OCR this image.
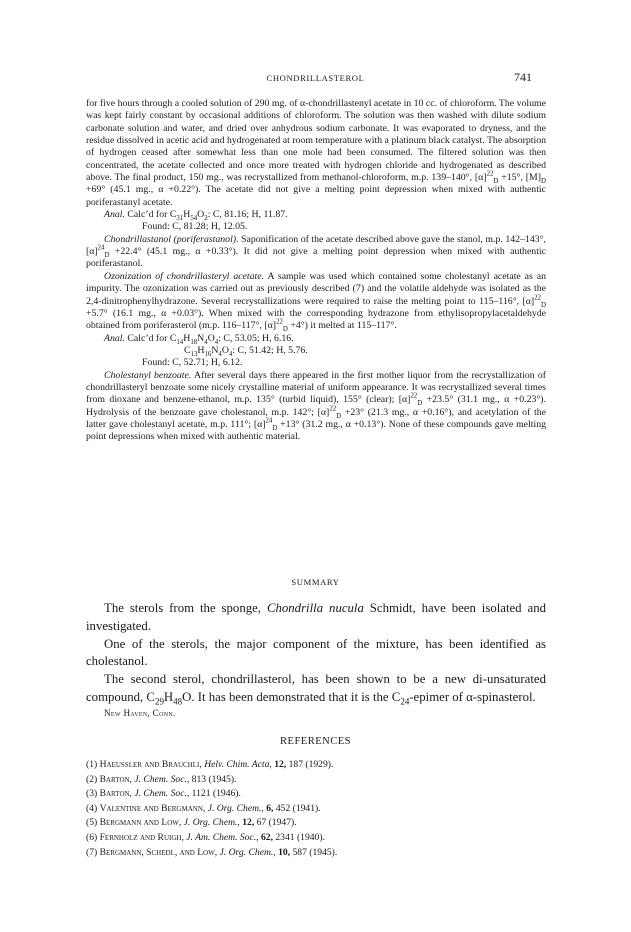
CHONDRILLASTEROL	741

for five hours through a cooled solution of 290 mg. of α-chondrillastenyl acetate in 10 cc. of chloroform. The volume was kept fairly constant by occasional additions of chloroform. The solution was then washed with dilute sodium carbonate solution and water, and dried over anhydrous sodium carbonate. It was evaporated to dryness, and the residue dissolved in acetic acid and hydrogenated at room temperature with a platinum black catalyst. The absorption of hydrogen ceased after somewhat less than one mole had been consumed. The filtered solution was then concentrated, the acetate collected and once more treated with hydrogen chloride and hydrogenated as described above. The final product, 150 mg., was recrystallized from methanol-chloroform, m.p. 139–140°, $[\alpha]^{22}_D +15^\circ$, $[M]_D +69^\circ$ (45.1 mg., α +0.22°). The acetate did not give a melting point depression when mixed with authentic poriferastanyl acetate.

Anal. Calc’d for $C_{31}H_{54}O_2$: C, 81.16; H, 11.87.

Found: C, 81.28; H, 12.05.

Chondrillastanol (poriferastanol). Saponification of the acetate described above gave the stanol, m.p. 142–143°, $[\alpha]^{24}_D +22.4^\circ$ (45.1 mg., α +0.33°). It did not give a melting point depression when mixed with authentic poriferastanol.

Ozonization of chondrillasteryl acetate. A sample was used which contained some cholestanyl acetate as an impurity. The ozonization was carried out as previously described (7) and the volatile aldehyde was isolated as the 2,4-dinitrophenylhydrazone. Several recrystallizations were required to raise the melting point to 115–116°, $[\alpha]^{22}_D +5.7^\circ$ (16.1 mg., α +0.03°). When mixed with the corresponding hydrazone from ethylisopropylacetaldehyde obtained from poriferasterol (m.p. 116–117°, $[\alpha]^{22}_D +4^\circ$) it melted at 115–117°.

Anal. Calc’d for $C_{14}H_{18}N_4O_4$: C, 53.05; H, 6.16.

$C_{13}H_{16}N_4O_4$: C, 51.42; H, 5.76.

Found: C, 52.71; H, 6.12.

Cholestanyl benzoate. After several days there appeared in the first mother liquor from the recrystallization of chondrillasteryl benzoate some nicely crystalline material of uniform appearance. It was recrystallized several times from dioxane and benzene-ethanol, m.p. 135° (turbid liquid), 155° (clear); $[\alpha]^{22}_D +23.5^\circ$ (31.1 mg., α +0.23°). Hydrolysis of the benzoate gave cholestanol, m.p. 142°; $[\alpha]^{22}_D +23^\circ$ (21.3 mg., α +0.16°), and acetylation of the latter gave cholestanyl acetate, m.p. 111°; $[\alpha]^{24}_D +13^\circ$ (31.2 mg., α +0.13°). None of these compounds gave melting point depressions when mixed with authentic material.

SUMMARY

The sterols from the sponge, Chondrilla nucula Schmidt, have been isolated and investigated.

One of the sterols, the major component of the mixture, has been identified as cholestanol.

The second sterol, chondrillasterol, has been shown to be a new di-unsaturated compound, $C_{29}H_{48}O$. It has been demonstrated that it is the $C_{24}$-epimer of α-spinasterol.

New Haven, Conn.
REFERENCES
(1) Haeussler and Brauchli, Helv. Chim. Acta, 12, 187 (1929).
(2) Barton, J. Chem. Soc., 813 (1945).
(3) Barton, J. Chem. Soc., 1121 (1946).
(4) Valentine and Bergmann, J. Org. Chem., 6, 452 (1941).
(5) Bergmann and Low, J. Org. Chem., 12, 67 (1947).
(6) Fernholz and Ruigh, J. Am. Chem. Soc., 62, 2341 (1940).
(7) Bergmann, Schedl, and Low, J. Org. Chem., 10, 587 (1945).
